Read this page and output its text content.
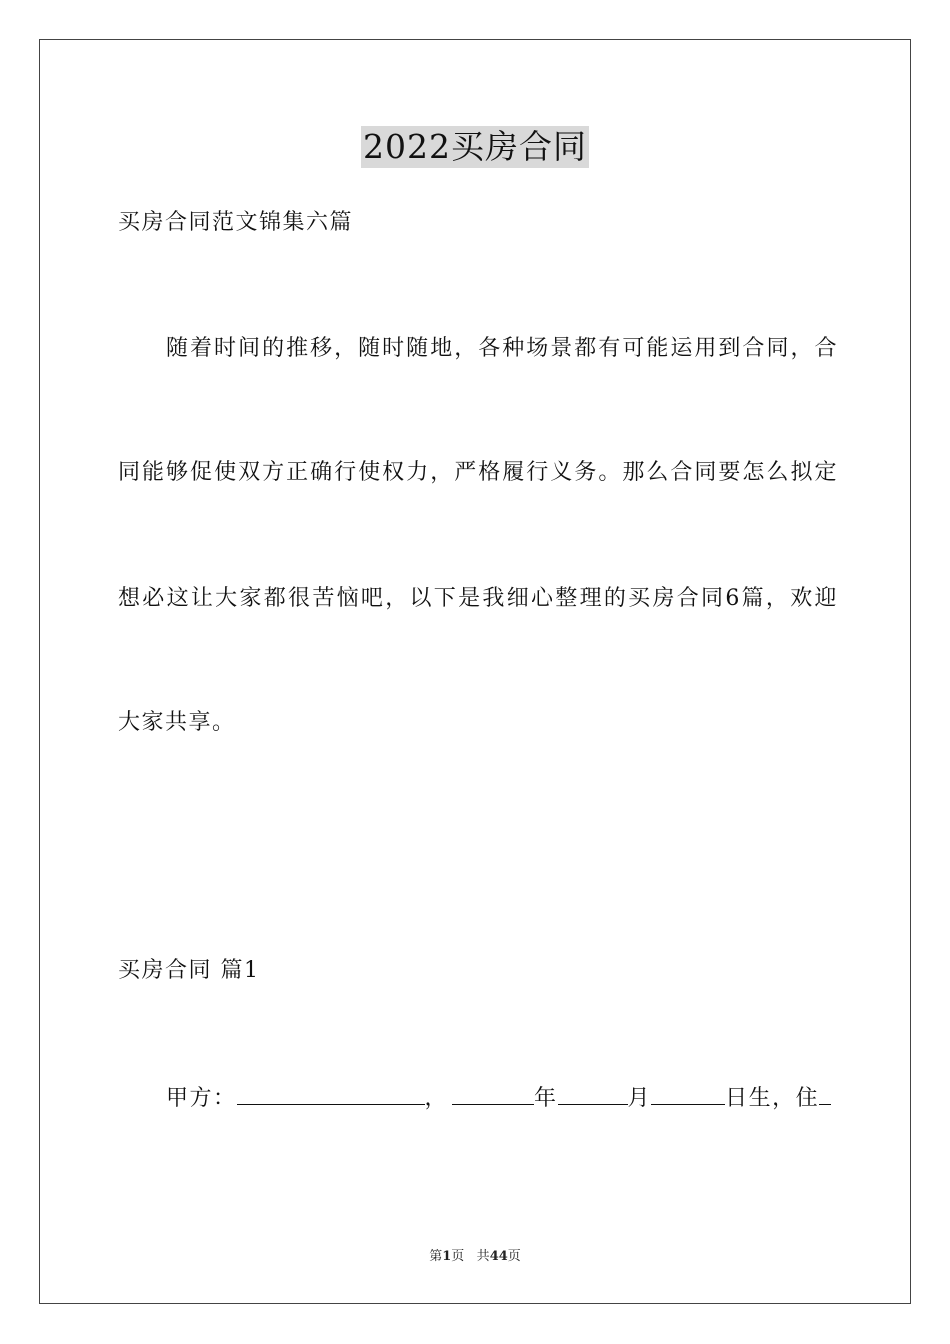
2022买房合同
买房合同范文锦集六篇
随着时间的推移，随时随地，各种场景都有可能运用到合同，合
同能够促使双方正确行使权力，严格履行义务。那么合同要怎么拟定
想必这让大家都很苦恼吧，以下是我细心整理的买房合同6篇，欢迎
大家共享。
买房合同 篇1
甲方：	，	年	月	日生，住
第1页 共44页
